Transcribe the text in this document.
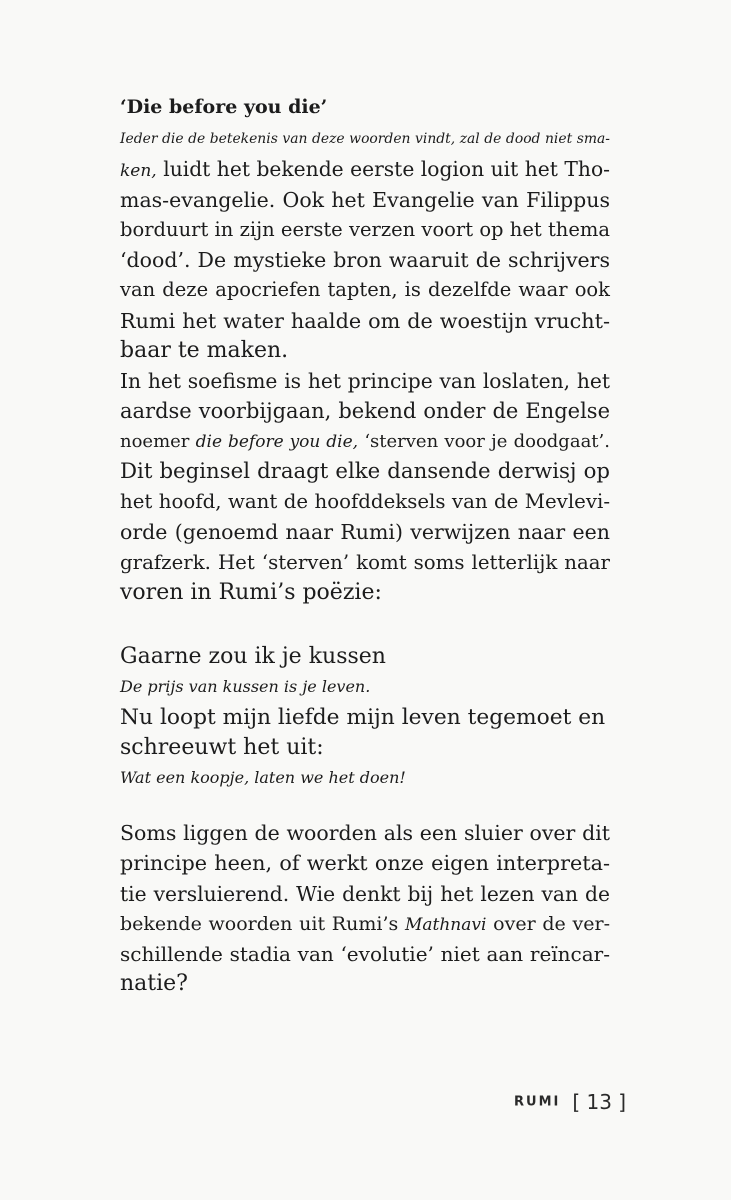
‘Die before you die’
Ieder die de betekenis van deze woorden vindt, zal de dood niet sma-
ken, luidt het bekende eerste logion uit het Tho-
mas-evangelie. Ook het Evangelie van Filippus
borduurt in zijn eerste verzen voort op het thema
‘dood’. De mystieke bron waaruit de schrijvers
van deze apocriefen tapten, is dezelfde waar ook
Rumi het water haalde om de woestijn vrucht-
baar te maken.
In het soefisme is het principe van loslaten, het
aardse voorbijgaan, bekend onder de Engelse
noemer die before you die, ‘sterven voor je doodgaat’.
Dit beginsel draagt elke dansende derwisj op
het hoofd, want de hoofddeksels van de Mevlevi-
orde (genoemd naar Rumi) verwijzen naar een
grafzerk. Het ‘sterven’ komt soms letterlijk naar
voren in Rumi’s poëzie:
Gaarne zou ik je kussen
De prijs van kussen is je leven.
Nu loopt mijn liefde mijn leven tegemoet en
schreeuwt het uit:
Wat een koopje, laten we het doen!
Soms liggen de woorden als een sluier over dit
principe heen, of werkt onze eigen interpreta-
tie versluierend. Wie denkt bij het lezen van de
bekende woorden uit Rumi’s Mathnavi over de ver-
schillende stadia van ‘evolutie’ niet aan reïncar-
natie?
RUMI [ 13 ]
